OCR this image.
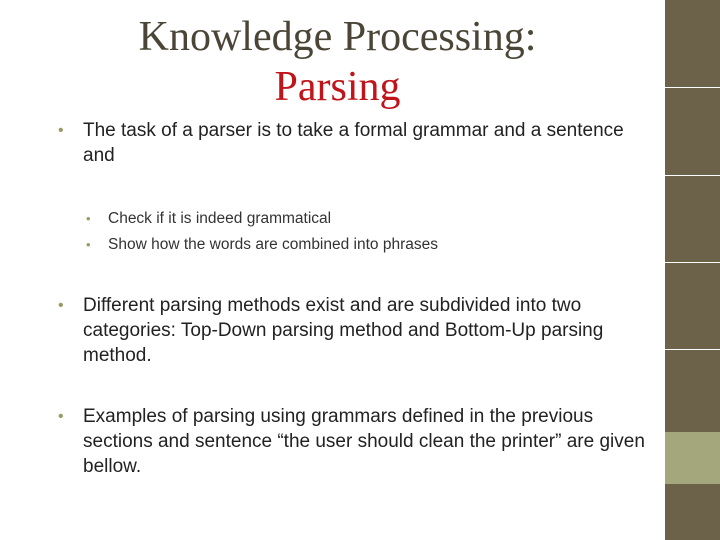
Knowledge Processing:
Parsing
• The task of a parser is to take a formal grammar and a sentence and
• Check if it is indeed grammatical
• Show how the words are combined into phrases
• Different parsing methods exist and are subdivided into two categories: Top-Down parsing method and Bottom-Up parsing method.
• Examples of parsing using grammars defined in the previous sections and sentence “the user should clean the printer” are given bellow.
